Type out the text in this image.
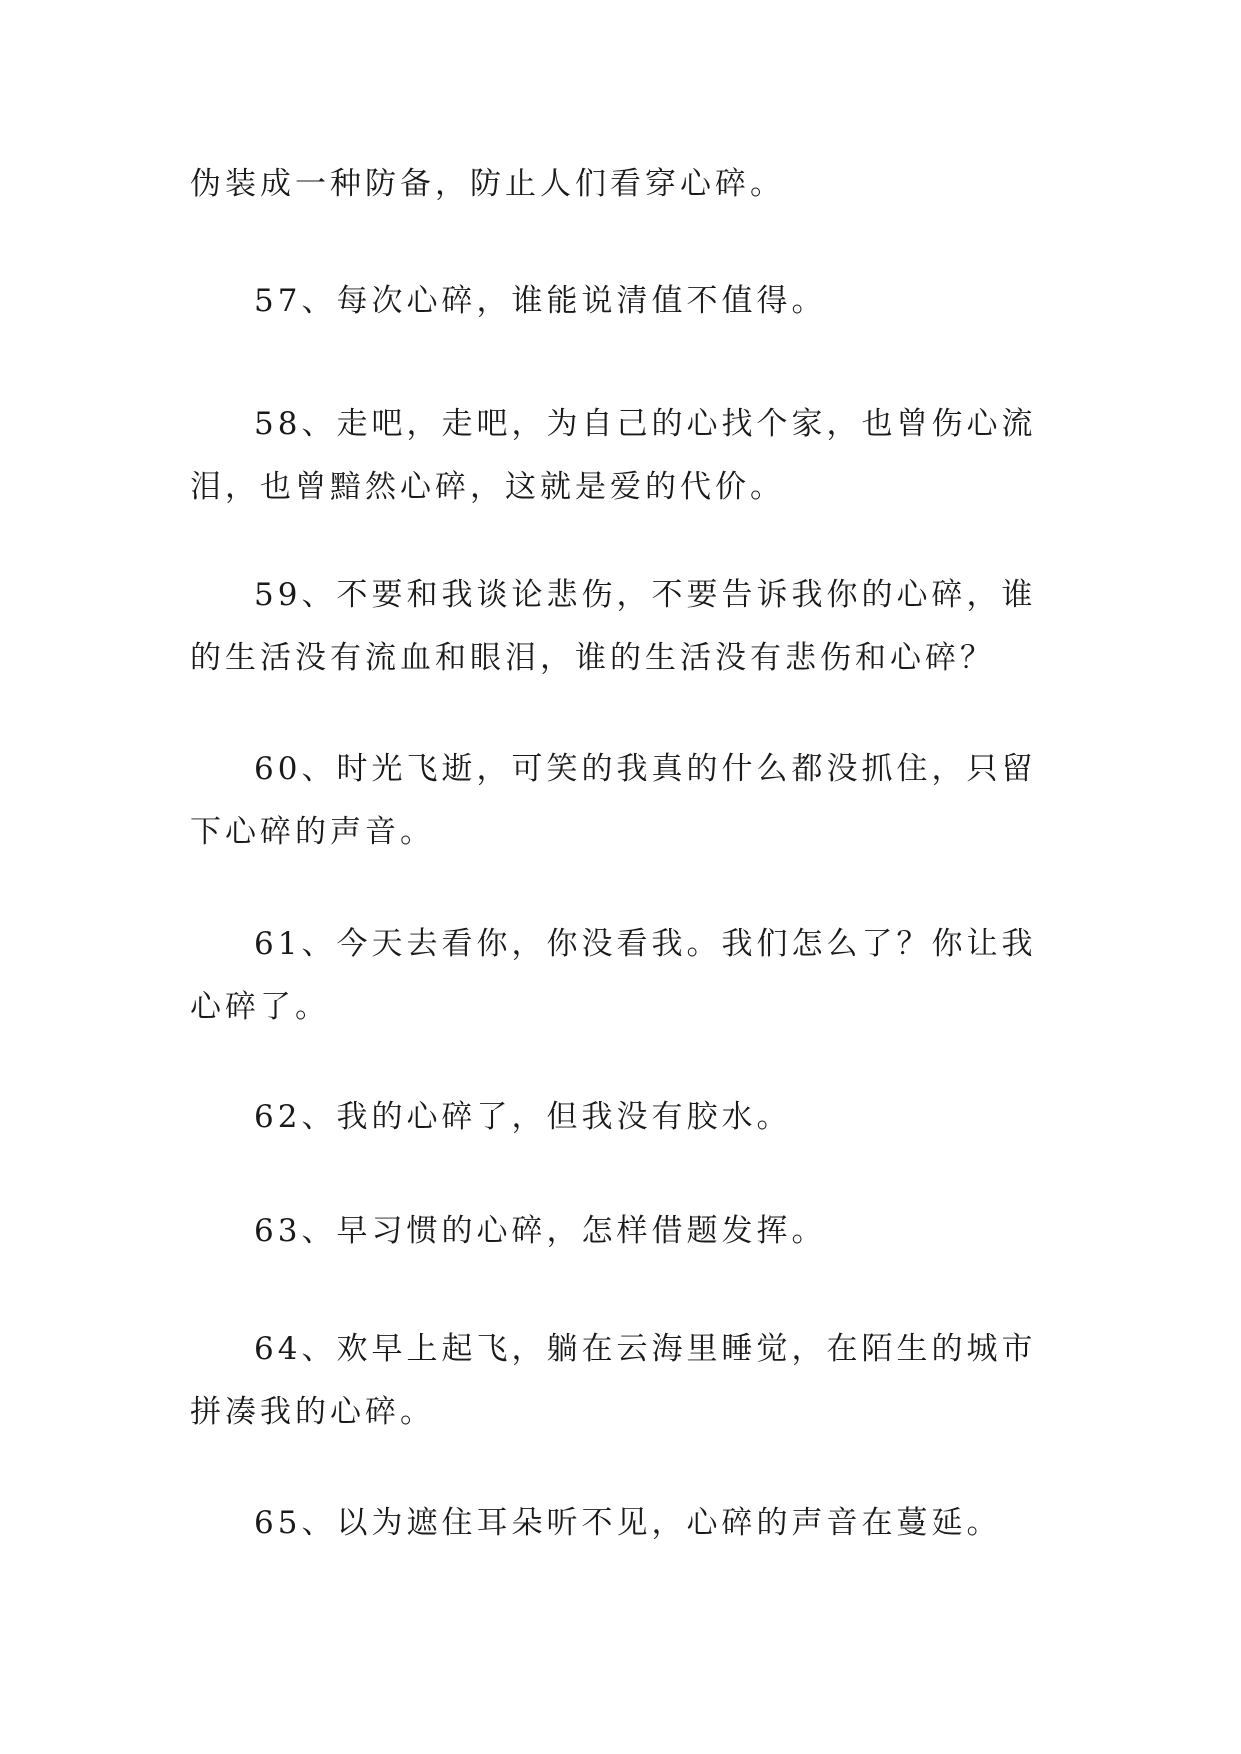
伪装成一种防备，防止人们看穿心碎。

57、每次心碎，谁能说清值不值得。

58、走吧，走吧，为自己的心找个家，也曾伤心流泪，也曾黯然心碎，这就是爱的代价。

59、不要和我谈论悲伤，不要告诉我你的心碎，谁的生活没有流血和眼泪，谁的生活没有悲伤和心碎？

60、时光飞逝，可笑的我真的什么都没抓住，只留下心碎的声音。

61、今天去看你，你没看我。我们怎么了？你让我心碎了。

62、我的心碎了，但我没有胶水。

63、早习惯的心碎，怎样借题发挥。

64、欢早上起飞，躺在云海里睡觉，在陌生的城市拼凑我的心碎。

65、以为遮住耳朵听不见，心碎的声音在蔓延。
